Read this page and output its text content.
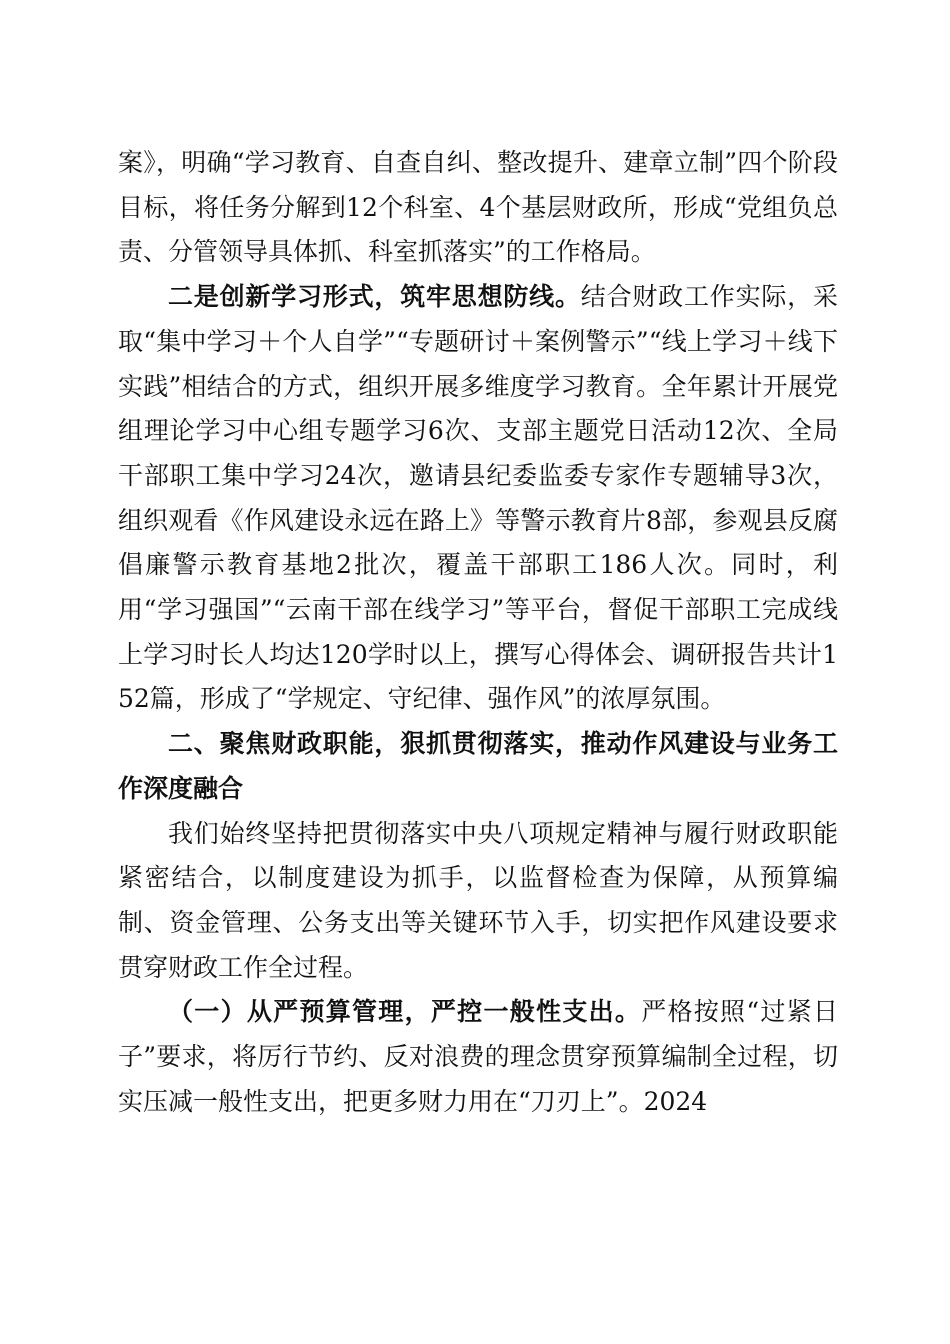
案》，明确“学习教育、自查自纠、整改提升、建章立制”四个阶段目标，将任务分解到12个科室、4个基层财政所，形成“党组负总责、分管领导具体抓、科室抓落实”的工作格局。

二是创新学习形式，筑牢思想防线。结合财政工作实际，采取“集中学习＋个人自学”“专题研讨＋案例警示”“线上学习＋线下实践”相结合的方式，组织开展多维度学习教育。全年累计开展党组理论学习中心组专题学习6次、支部主题党日活动12次、全局干部职工集中学习24次，邀请县纪委监委专家作专题辅导3次，组织观看《作风建设永远在路上》等警示教育片8部，参观县反腐倡廉警示教育基地2批次，覆盖干部职工186人次。同时，利用“学习强国”“云南干部在线学习”等平台，督促干部职工完成线上学习时长人均达120学时以上，撰写心得体会、调研报告共计152篇，形成了“学规定、守纪律、强作风”的浓厚氛围。

二、聚焦财政职能，狠抓贯彻落实，推动作风建设与业务工作深度融合

我们始终坚持把贯彻落实中央八项规定精神与履行财政职能紧密结合，以制度建设为抓手，以监督检查为保障，从预算编制、资金管理、公务支出等关键环节入手，切实把作风建设要求贯穿财政工作全过程。

（一）从严预算管理，严控一般性支出。严格按照“过紧日子”要求，将厉行节约、反对浪费的理念贯穿预算编制全过程，切实压减一般性支出，把更多财力用在“刀刃上”。2024
